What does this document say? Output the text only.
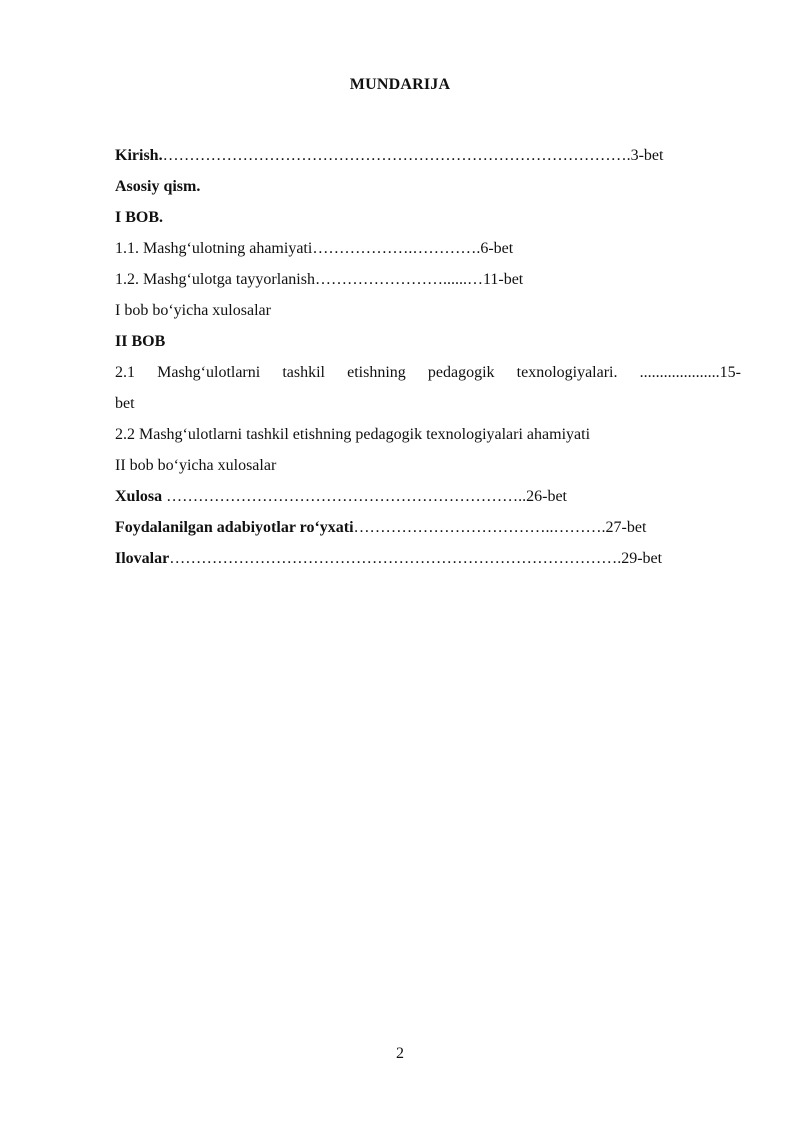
MUNDARIJA
Kirish.…………………………………………………………………………….3-bet
Asosiy qism.
I BOB.
1.1. Mashg‘ulotning ahamiyati……………….………….6-bet
1.2. Mashg‘ulotga tayyorlanish……………………......…11-bet
I bob bo‘yicha xulosalar
II BOB
2.1 Mashg‘ulotlarni tashkil etishning pedagogik texnologiyalari. ....................15-
bet
2.2 Mashg‘ulotlarni tashkil etishning pedagogik texnologiyalari ahamiyati
II bob bo‘yicha xulosalar
Xulosa …………………………………………………………..26-bet
Foydalanilgan adabiyotlar ro‘yxati………………………………..……….27-bet
Ilovalar………………………………………………………………………….29-bet
2
